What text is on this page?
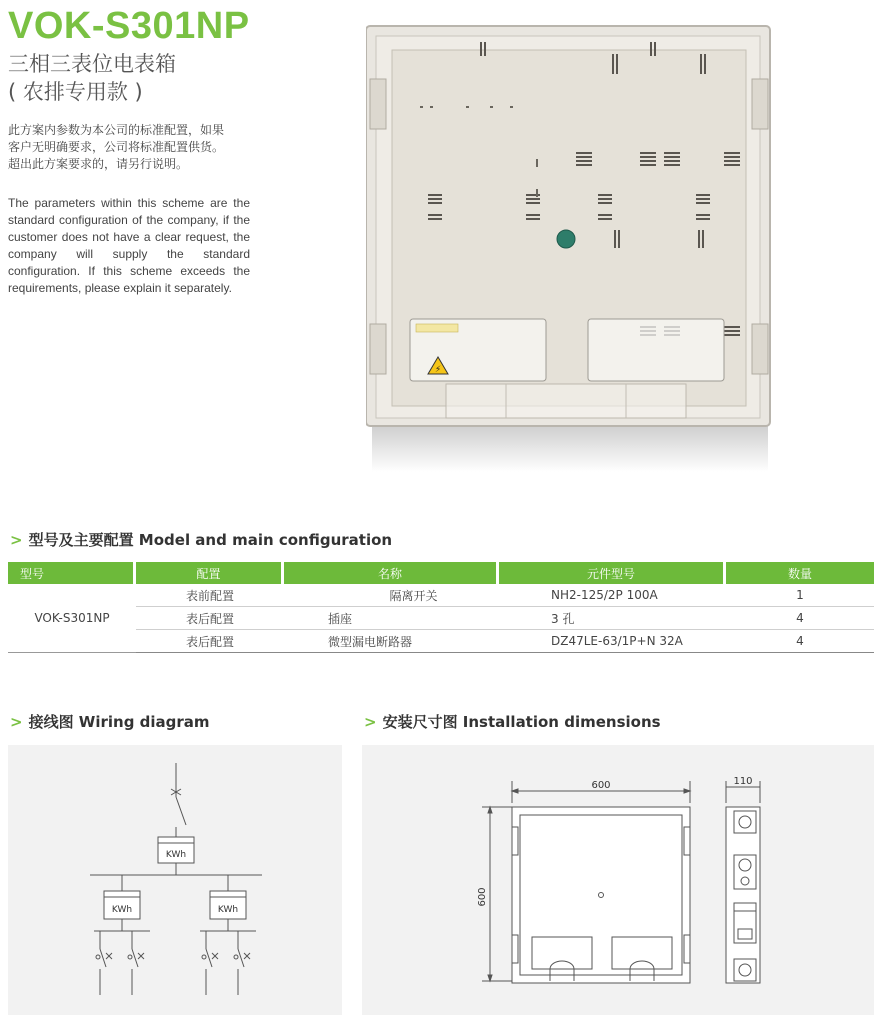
VOK-S301NP
三相三表位电表箱
( 农排专用款 )
此方案内参数为本公司的标准配置，如果
客户无明确要求，公司将标准配置供货。
超出此方案要求的，请另行说明。
The parameters within this scheme are the standard configuration of the company, if the customer does not have a clear request, the company will supply the standard configuration. If this scheme exceeds the requirements, please explain it separately.
⚡
> 型号及主要配置 Model and main configuration
型号	配置	名称	元件型号	数量
VOK-S301NP	表前配置	隔离开关	NH2-125/2P 100A	1
	表后配置	插座	3 孔	4
	表后配置	微型漏电断路器	DZ47LE-63/1P+N 32A	4
> 接线图 Wiring diagram
KWh
KWh	KWh
> 安装尺寸图 Installation dimensions
600
600
110
